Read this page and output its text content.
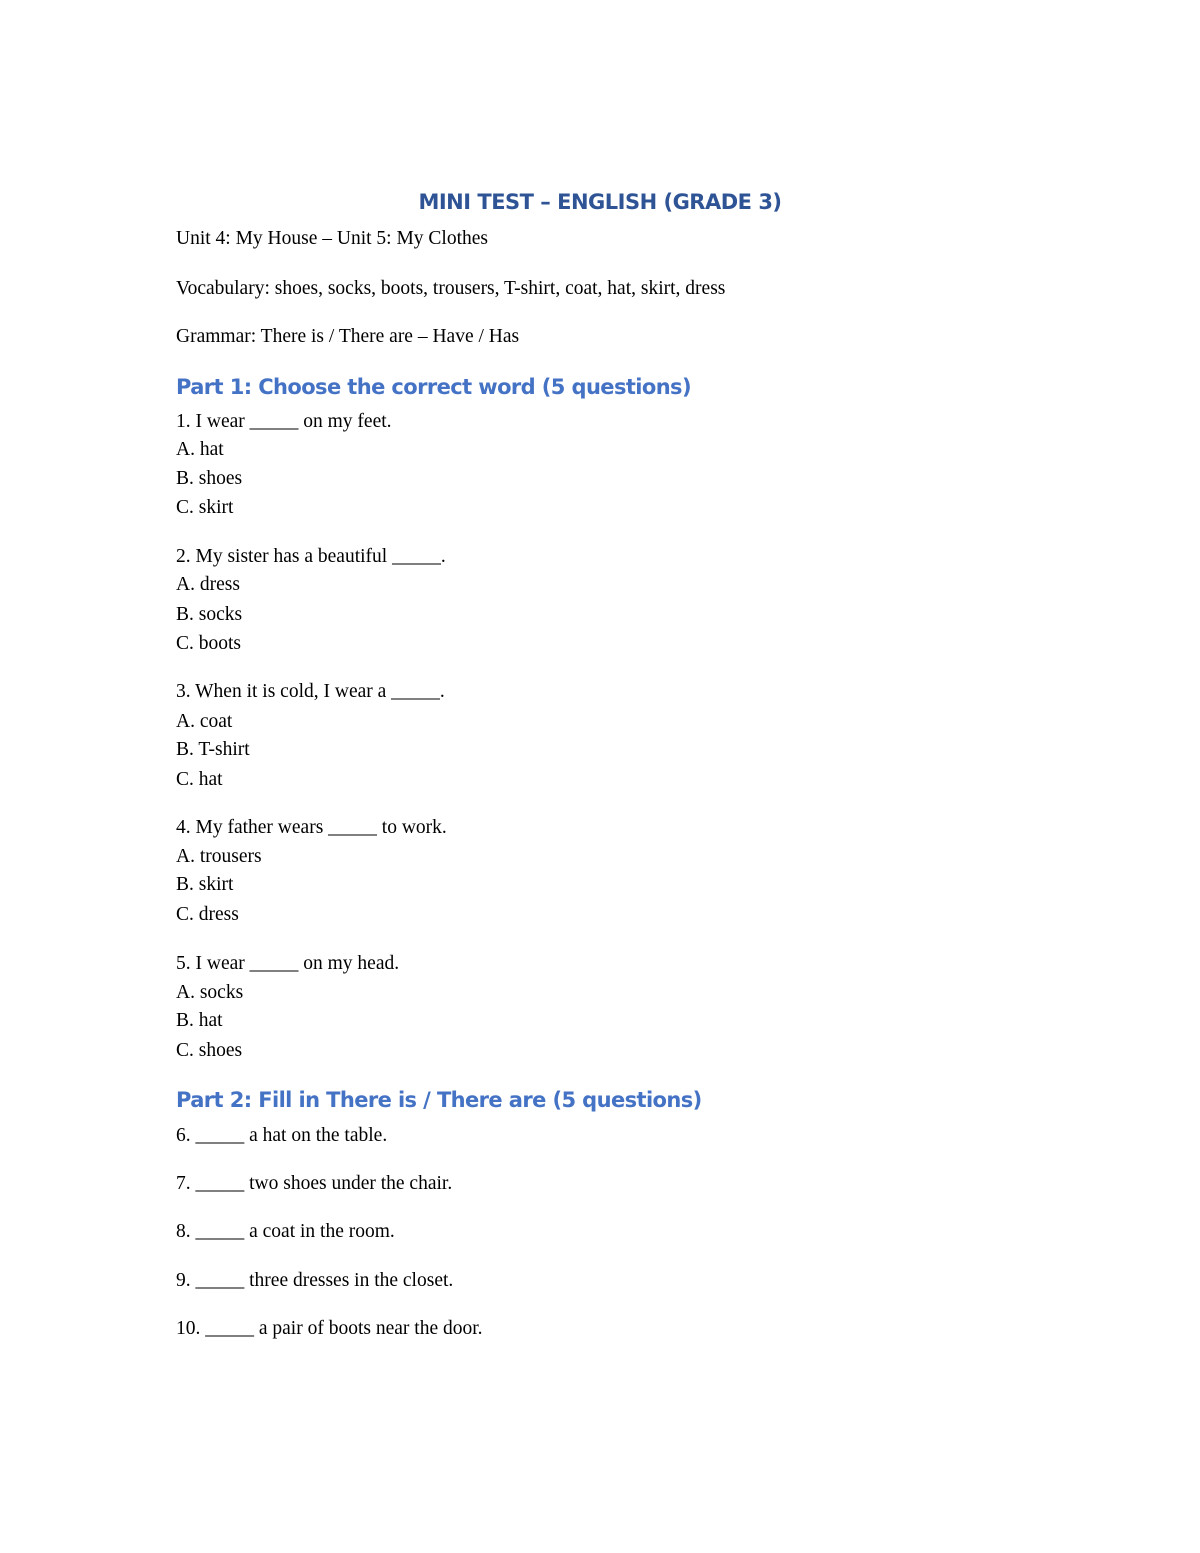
MINI TEST – ENGLISH (GRADE 3)
Unit 4: My House – Unit 5: My Clothes
Vocabulary: shoes, socks, boots, trousers, T-shirt, coat, hat, skirt, dress
Grammar: There is / There are – Have / Has
Part 1: Choose the correct word (5 questions)
1. I wear _____ on my feet.
A. hat
B. shoes
C. skirt
2. My sister has a beautiful _____.
A. dress
B. socks
C. boots
3. When it is cold, I wear a _____.
A. coat
B. T-shirt
C. hat
4. My father wears _____ to work.
A. trousers
B. skirt
C. dress
5. I wear _____ on my head.
A. socks
B. hat
C. shoes
Part 2: Fill in There is / There are (5 questions)
6. _____ a hat on the table.
7. _____ two shoes under the chair.
8. _____ a coat in the room.
9. _____ three dresses in the closet.
10. _____ a pair of boots near the door.
